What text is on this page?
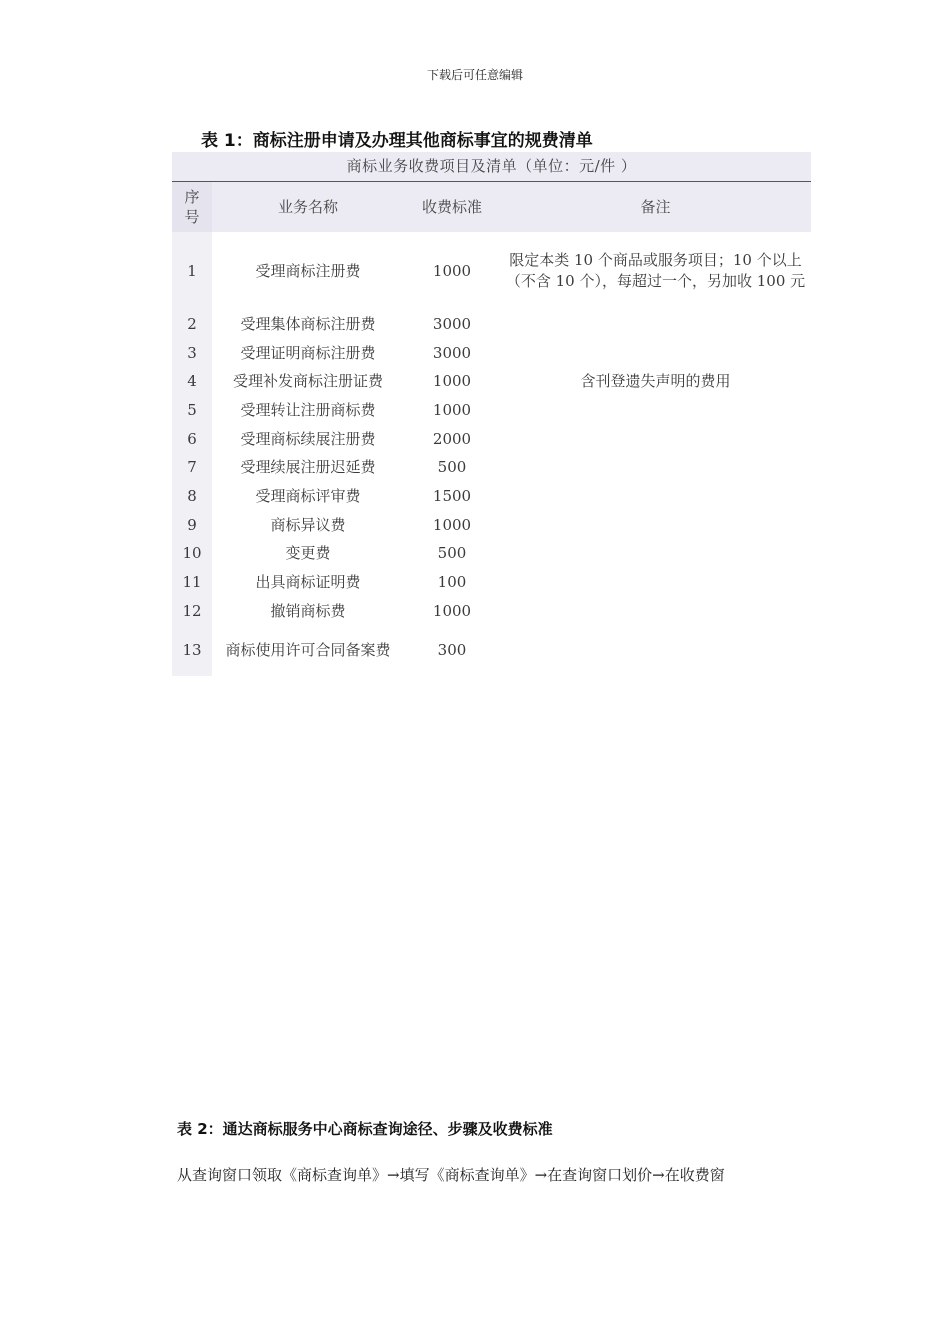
下载后可任意编辑
表 1：商标注册申请及办理其他商标事宜的规费清单
商标业务收费项目及清单（单位：元/件 ）
序号	业务名称	收费标准	备注
1	受理商标注册费	1000	限定本类 10 个商品或服务项目；10 个以上（不含 10 个），每超过一个，另加收 100 元
2	受理集体商标注册费	3000	
3	受理证明商标注册费	3000	
4	受理补发商标注册证费	1000	含刊登遗失声明的费用
5	受理转让注册商标费	1000	
6	受理商标续展注册费	2000	
7	受理续展注册迟延费	500	
8	受理商标评审费	1500	
9	商标异议费	1000	
10	变更费	500	
11	出具商标证明费	100	
12	撤销商标费	1000	
13	商标使用许可合同备案费	300	
表 2：通达商标服务中心商标查询途径、步骤及收费标准
从查询窗口领取《商标查询单》→填写《商标查询单》→在查询窗口划价→在收费窗
